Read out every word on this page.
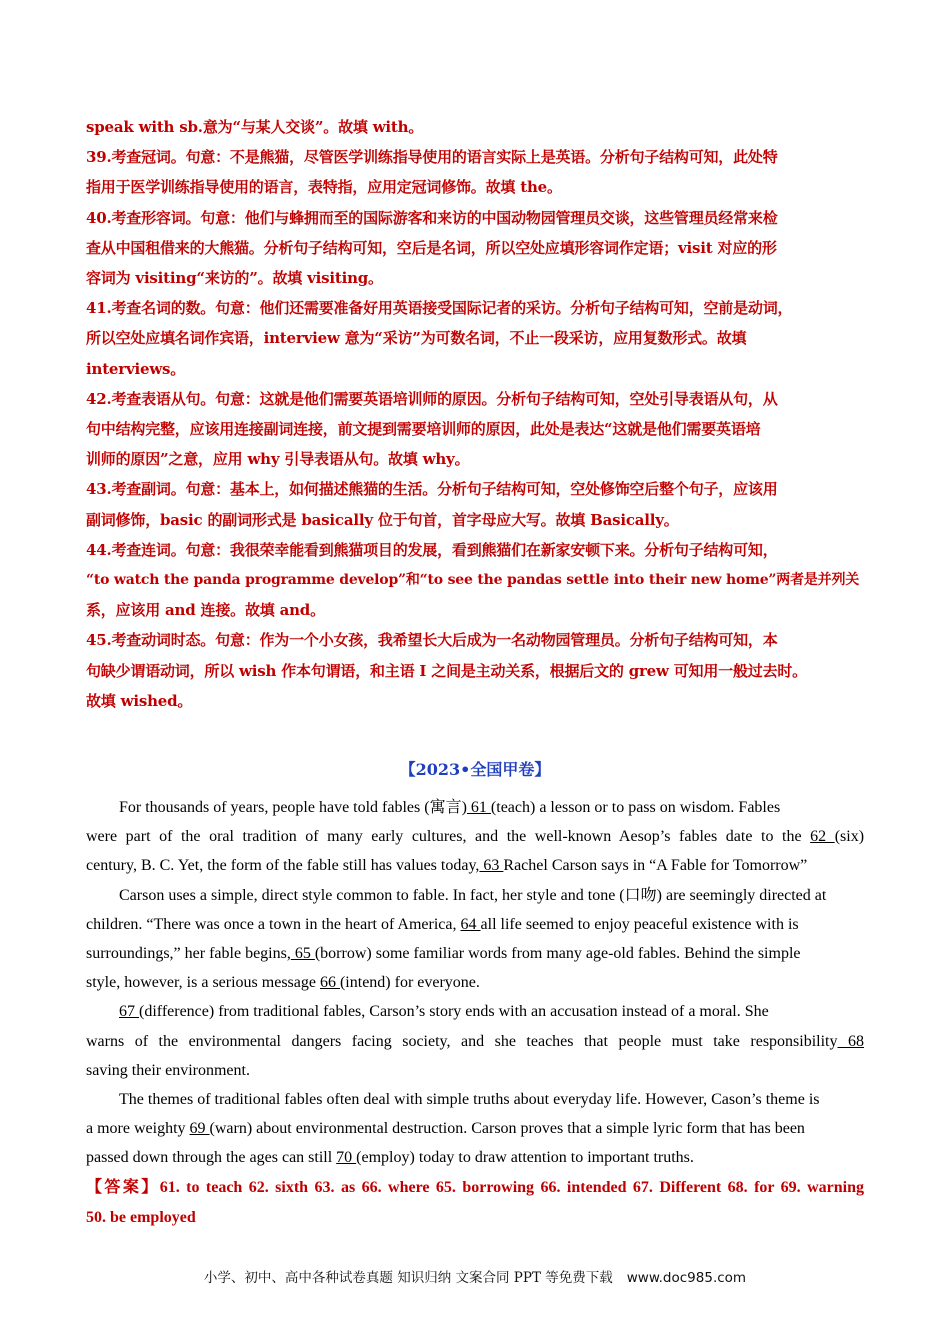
speak with sb.意为“与某人交谈”。故填 with。
39.考查冠词。句意：不是熊猫，尽管医学训练指导使用的语言实际上是英语。分析句子结构可知，此处特
指用于医学训练指导使用的语言，表特指，应用定冠词修饰。故填 the。
40.考查形容词。句意：他们与蜂拥而至的国际游客和来访的中国动物园管理员交谈，这些管理员经常来检
查从中国租借来的大熊猫。分析句子结构可知，空后是名词，所以空处应填形容词作定语；visit 对应的形
容词为 visiting“来访的”。故填 visiting。
41.考查名词的数。句意：他们还需要准备好用英语接受国际记者的采访。分析句子结构可知，空前是动词，
所以空处应填名词作宾语，interview 意为“采访”为可数名词，不止一段采访，应用复数形式。故填
interviews。
42.考查表语从句。句意：这就是他们需要英语培训师的原因。分析句子结构可知，空处引导表语从句，从
句中结构完整，应该用连接副词连接，前文提到需要培训师的原因，此处是表达“这就是他们需要英语培
训师的原因”之意，应用 why 引导表语从句。故填 why。
43.考查副词。句意：基本上，如何描述熊猫的生活。分析句子结构可知，空处修饰空后整个句子，应该用
副词修饰，basic 的副词形式是 basically 位于句首，首字母应大写。故填 Basically。
44.考查连词。句意：我很荣幸能看到熊猫项目的发展，看到熊猫们在新家安顿下来。分析句子结构可知，
“to watch the panda programme develop”和“to see the pandas settle into their new home”两者是并列关
系，应该用 and 连接。故填 and。
45.考查动词时态。句意：作为一个小女孩，我希望长大后成为一名动物园管理员。分析句子结构可知，本
句缺少谓语动词，所以 wish 作本句谓语，和主语 I 之间是主动关系，根据后文的 grew 可知用一般过去时。
故填 wished。
【2023•全国甲卷】
For thousands of years, people have told fables (寓言) 61 (teach) a lesson or to pass on wisdom. Fables
were part of the oral tradition of many early cultures, and the well-known Aesop’s fables date to the 62 (six)
century, B. C. Yet, the form of the fable still has values today, 63 Rachel Carson says in “A Fable for Tomorrow”
Carson uses a simple, direct style common to fable. In fact, her style and tone (口吻) are seemingly directed at
children. “There was once a town in the heart of America, 64 all life seemed to enjoy peaceful existence with is
surroundings,” her fable begins, 65 (borrow) some familiar words from many age-old fables. Behind the simple
style, however, is a serious message 66 (intend) for everyone.
67 (difference) from traditional fables, Carson’s story ends with an accusation instead of a moral. She
warns of the environmental dangers facing society, and she teaches that people must take responsibility 68
saving their environment.
The themes of traditional fables often deal with simple truths about everyday life. However, Cason’s theme is
a more weighty 69 (warn) about environmental destruction. Carson proves that a simple lyric form that has been
passed down through the ages can still 70 (employ) today to draw attention to important truths.
【答案】61. to teach 62. sixth 63. as 66. where 65. borrowing 66. intended 67. Different 68. for 69. warning
50. be employed
小学、初中、高中各种试卷真题 知识归纳 文案合同 PPT 等免费下载 www.doc985.com
